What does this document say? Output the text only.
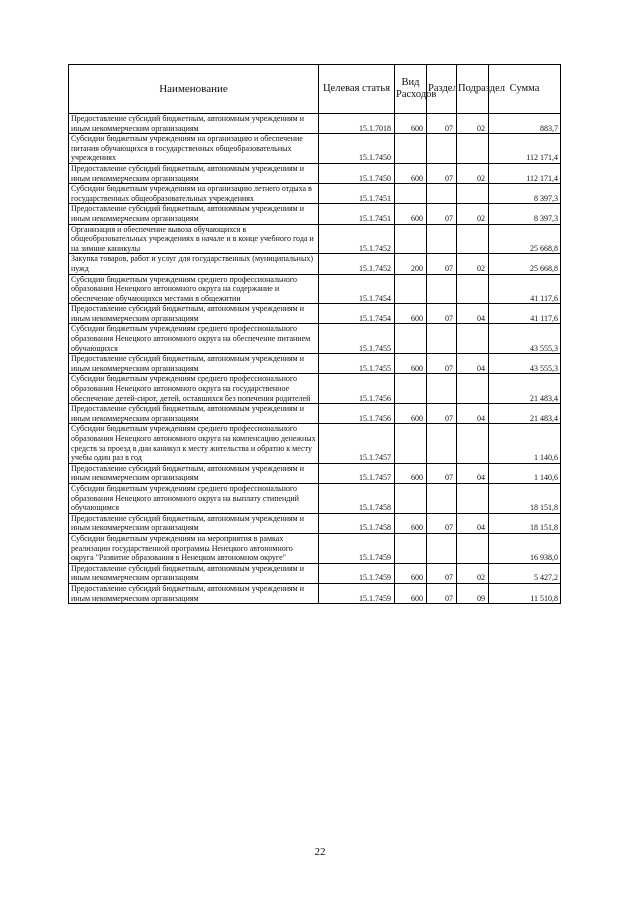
Наименование	Целевая статья	Вид Расходов	Раздел	Подраздел	Сумма
Предоставление субсидий бюджетным, автономным учреждениям и иным некоммерческим организациям	15.1.7018	600	07	02	883,7
Субсидии бюджетным учреждениям на организацию и обеспечение питания обучающихся в государственных общеобразовательных учреждениях	15.1.7450				112 171,4
Предоставление субсидий бюджетным, автономным учреждениям и иным некоммерческим организациям	15.1.7450	600	07	02	112 171,4
Субсидии бюджетным учреждениям на организацию летнего отдыха в государственных общеобразовательных учреждениях	15.1.7451				8 397,3
Предоставление субсидий бюджетным, автономным учреждениям и иным некоммерческим организациям	15.1.7451	600	07	02	8 397,3
Организация и обеспечение вывоза обучающихся в общеобразовательных учреждениях в начале и в конце учебного года и на зимние каникулы	15.1.7452				25 668,8
Закупка товаров, работ и услуг для государственных (муниципальных) нужд	15.1.7452	200	07	02	25 668,8
Субсидии бюджетным учреждениям среднего профессионального образования Ненецкого автономного округа на содержание и обеспечение обучающихся местами в общежитии	15.1.7454				41 117,6
Предоставление субсидий бюджетным, автономным учреждениям и иным некоммерческим организациям	15.1.7454	600	07	04	41 117,6
Субсидии бюджетным учреждениям среднего профессионального образования Ненецкого автономного округа на обеспечение питанием обучающихся	15.1.7455				43 555,3
Предоставление субсидий бюджетным, автономным учреждениям и иным некоммерческим организациям	15.1.7455	600	07	04	43 555,3
Субсидии бюджетным учреждениям среднего профессионального образования Ненецкого автономного округа на государственное обеспечение детей-сирот, детей, оставшихся без попечения родителей	15.1.7456				21 483,4
Предоставление субсидий бюджетным, автономным учреждениям и иным некоммерческим организациям	15.1.7456	600	07	04	21 483,4
Субсидии бюджетным учреждениям среднего профессионального образования Ненецкого автономного округа на компенсацию денежных средств за проезд в дни каникул к месту жительства и обратно к месту учебы один раз в год	15.1.7457				1 140,6
Предоставление субсидий бюджетным, автономным учреждениям и иным некоммерческим организациям	15.1.7457	600	07	04	1 140,6
Субсидии бюджетным учреждениям среднего профессионального образования Ненецкого автономного округа на выплату стипендий обучающимся	15.1.7458				18 151,8
Предоставление субсидий бюджетным, автономным учреждениям и иным некоммерческим организациям	15.1.7458	600	07	04	18 151,8
Субсидии бюджетным учреждениям на мероприятия в рамках реализации государственной программы Ненецкого автономного округа "Развитие образования в Ненецком автономном округе"	15.1.7459				16 938,0
Предоставление субсидий бюджетным, автономным учреждениям и иным некоммерческим организациям	15.1.7459	600	07	02	5 427,2
Предоставление субсидий бюджетным, автономным учреждениям и иным некоммерческим организациям	15.1.7459	600	07	09	11 510,8
22
